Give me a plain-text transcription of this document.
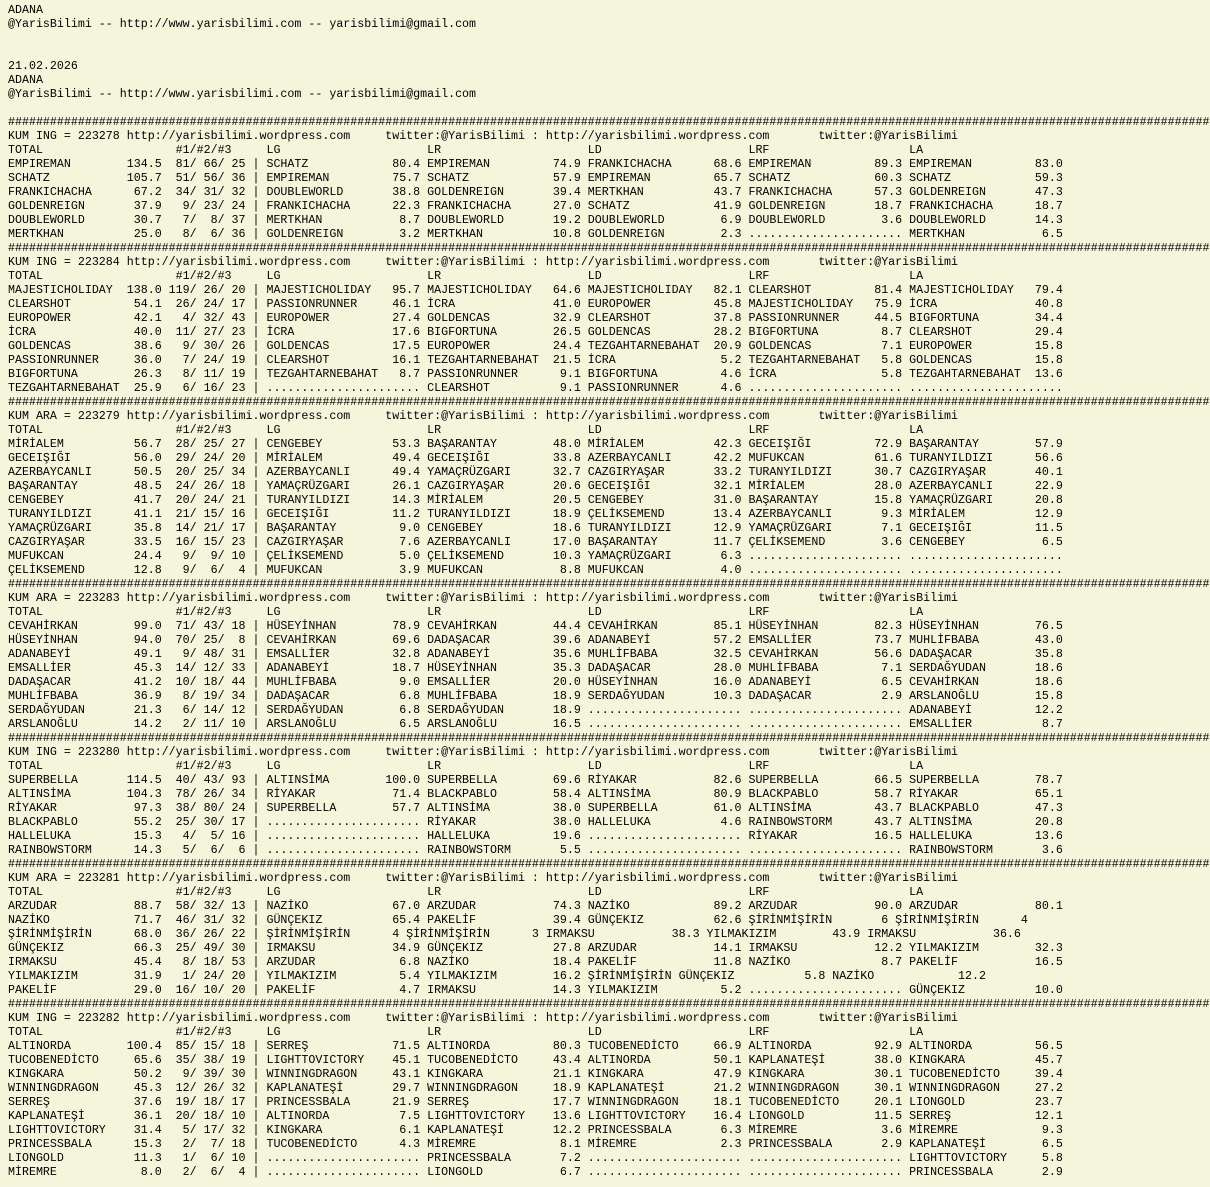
ADANA
@YarisBilimi -- http://www.yarisbilimi.com -- yarisbilimi@gmail.com
21.02.2026
ADANA
@YarisBilimi -- http://www.yarisbilimi.com -- yarisbilimi@gmail.com
############################################################################################################################################################################
KUM ING = 223278 http://yarisbilimi.wordpress.com     twitter:@YarisBilimi : http://yarisbilimi.wordpress.com       twitter:@YarisBilimi
TOTAL                   #1/#2/#3     LG                     LR                     LD                     LRF                    LA
EMPIREMAN        134.5  81/ 66/ 25 | SCHATZ            80.4 EMPIREMAN         74.9 FRANKICHACHA      68.6 EMPIREMAN         89.3 EMPIREMAN         83.0
SCHATZ           105.7  51/ 56/ 36 | EMPIREMAN         75.7 SCHATZ            57.9 EMPIREMAN         65.7 SCHATZ            60.3 SCHATZ            59.3
FRANKICHACHA      67.2  34/ 31/ 32 | DOUBLEWORLD       38.8 GOLDENREIGN       39.4 MERTKHAN          43.7 FRANKICHACHA      57.3 GOLDENREIGN       47.3
GOLDENREIGN       37.9   9/ 23/ 24 | FRANKICHACHA      22.3 FRANKICHACHA      27.0 SCHATZ            41.9 GOLDENREIGN       18.7 FRANKICHACHA      18.7
DOUBLEWORLD       30.7   7/  8/ 37 | MERTKHAN           8.7 DOUBLEWORLD       19.2 DOUBLEWORLD        6.9 DOUBLEWORLD        3.6 DOUBLEWORLD       14.3
MERTKHAN          25.0   8/  6/ 36 | GOLDENREIGN        3.2 MERTKHAN          10.8 GOLDENREIGN        2.3 ...................... MERTKHAN           6.5
############################################################################################################################################################################
KUM ING = 223284 http://yarisbilimi.wordpress.com     twitter:@YarisBilimi : http://yarisbilimi.wordpress.com       twitter:@YarisBilimi
TOTAL                   #1/#2/#3     LG                     LR                     LD                     LRF                    LA
MAJESTICHOLIDAY  138.0 119/ 26/ 20 | MAJESTICHOLIDAY   95.7 MAJESTICHOLIDAY   64.6 MAJESTICHOLIDAY   82.1 CLEARSHOT         81.4 MAJESTICHOLIDAY   79.4
CLEARSHOT         54.1  26/ 24/ 17 | PASSIONRUNNER     46.1 İCRA              41.0 EUROPOWER         45.8 MAJESTICHOLIDAY   75.9 İCRA              40.8
EUROPOWER         42.1   4/ 32/ 43 | EUROPOWER         27.4 GOLDENCAS         32.9 CLEARSHOT         37.8 PASSIONRUNNER     44.5 BIGFORTUNA        34.4
İCRA              40.0  11/ 27/ 23 | İCRA              17.6 BIGFORTUNA        26.5 GOLDENCAS         28.2 BIGFORTUNA         8.7 CLEARSHOT         29.4
GOLDENCAS         38.6   9/ 30/ 26 | GOLDENCAS         17.5 EUROPOWER         24.4 TEZGAHTARNEBAHAT  20.9 GOLDENCAS          7.1 EUROPOWER         15.8
PASSIONRUNNER     36.0   7/ 24/ 19 | CLEARSHOT         16.1 TEZGAHTARNEBAHAT  21.5 İCRA               5.2 TEZGAHTARNEBAHAT   5.8 GOLDENCAS         15.8
BIGFORTUNA        26.3   8/ 11/ 19 | TEZGAHTARNEBAHAT   8.7 PASSIONRUNNER      9.1 BIGFORTUNA         4.6 İCRA               5.8 TEZGAHTARNEBAHAT  13.6
TEZGAHTARNEBAHAT  25.9   6/ 16/ 23 | ...................... CLEARSHOT          9.1 PASSIONRUNNER      4.6 ...................... ......................
############################################################################################################################################################################
KUM ARA = 223279 http://yarisbilimi.wordpress.com     twitter:@YarisBilimi : http://yarisbilimi.wordpress.com       twitter:@YarisBilimi
TOTAL                   #1/#2/#3     LG                     LR                     LD                     LRF                    LA
MİRİALEM          56.7  28/ 25/ 27 | CENGEBEY          53.3 BAŞARANTAY        48.0 MİRİALEM          42.3 GECEIŞIĞI         72.9 BAŞARANTAY        57.9
GECEIŞIĞI         56.0  29/ 24/ 20 | MİRİALEM          49.4 GECEIŞIĞI         33.8 AZERBAYCANLI      42.2 MUFUKCAN          61.6 TURANYILDIZI      56.6
AZERBAYCANLI      50.5  20/ 25/ 34 | AZERBAYCANLI      49.4 YAMAÇRÜZGARI      32.7 CAZGIRYAŞAR       33.2 TURANYILDIZI      30.7 CAZGIRYAŞAR       40.1
BAŞARANTAY        48.5  24/ 26/ 18 | YAMAÇRÜZGARI      26.1 CAZGIRYAŞAR       20.6 GECEIŞIĞI         32.1 MİRİALEM          28.0 AZERBAYCANLI      22.9
CENGEBEY          41.7  20/ 24/ 21 | TURANYILDIZI      14.3 MİRİALEM          20.5 CENGEBEY          31.0 BAŞARANTAY        15.8 YAMAÇRÜZGARI      20.8
TURANYILDIZI      41.1  21/ 15/ 16 | GECEIŞIĞI         11.2 TURANYILDIZI      18.9 ÇELİKSEMEND       13.4 AZERBAYCANLI       9.3 MİRİALEM          12.9
YAMAÇRÜZGARI      35.8  14/ 21/ 17 | BAŞARANTAY         9.0 CENGEBEY          18.6 TURANYILDIZI      12.9 YAMAÇRÜZGARI       7.1 GECEIŞIĞI         11.5
CAZGIRYAŞAR       33.5  16/ 15/ 23 | CAZGIRYAŞAR        7.6 AZERBAYCANLI      17.0 BAŞARANTAY        11.7 ÇELİKSEMEND        3.6 CENGEBEY           6.5
MUFUKCAN          24.4   9/  9/ 10 | ÇELİKSEMEND        5.0 ÇELİKSEMEND       10.3 YAMAÇRÜZGARI       6.3 ...................... ......................
ÇELİKSEMEND       12.8   9/  6/  4 | MUFUKCAN           3.9 MUFUKCAN           8.8 MUFUKCAN           4.0 ...................... ......................
############################################################################################################################################################################
KUM ARA = 223283 http://yarisbilimi.wordpress.com     twitter:@YarisBilimi : http://yarisbilimi.wordpress.com       twitter:@YarisBilimi
TOTAL                   #1/#2/#3     LG                     LR                     LD                     LRF                    LA
CEVAHİRKAN        99.0  71/ 43/ 18 | HÜSEYİNHAN        78.9 CEVAHİRKAN        44.4 CEVAHİRKAN        85.1 HÜSEYİNHAN        82.3 HÜSEYİNHAN        76.5
HÜSEYİNHAN        94.0  70/ 25/  8 | CEVAHİRKAN        69.6 DADAŞACAR         39.6 ADANABEYİ         57.2 EMSALLİER         73.7 MUHLİFBABA        43.0
ADANABEYİ         49.1   9/ 48/ 31 | EMSALLİER         32.8 ADANABEYİ         35.6 MUHLİFBABA        32.5 CEVAHİRKAN        56.6 DADAŞACAR         35.8
EMSALLİER         45.3  14/ 12/ 33 | ADANABEYİ         18.7 HÜSEYİNHAN        35.3 DADAŞACAR         28.0 MUHLİFBABA         7.1 SERDAĞYUDAN       18.6
DADAŞACAR         41.2  10/ 18/ 44 | MUHLİFBABA         9.0 EMSALLİER         20.0 HÜSEYİNHAN        16.0 ADANABEYİ          6.5 CEVAHİRKAN        18.6
MUHLİFBABA        36.9   8/ 19/ 34 | DADAŞACAR          6.8 MUHLİFBABA        18.9 SERDAĞYUDAN       10.3 DADAŞACAR          2.9 ARSLANOĞLU        15.8
SERDAĞYUDAN       21.3   6/ 14/ 12 | SERDAĞYUDAN        6.8 SERDAĞYUDAN       18.9 ...................... ...................... ADANABEYİ         12.2
ARSLANOĞLU        14.2   2/ 11/ 10 | ARSLANOĞLU         6.5 ARSLANOĞLU        16.5 ...................... ...................... EMSALLİER          8.7
############################################################################################################################################################################
KUM ING = 223280 http://yarisbilimi.wordpress.com     twitter:@YarisBilimi : http://yarisbilimi.wordpress.com       twitter:@YarisBilimi
TOTAL                   #1/#2/#3     LG                     LR                     LD                     LRF                    LA
SUPERBELLA       114.5  40/ 43/ 93 | ALTINSİMA        100.0 SUPERBELLA        69.6 RİYAKAR           82.6 SUPERBELLA        66.5 SUPERBELLA        78.7
ALTINSİMA        104.3  78/ 26/ 34 | RİYAKAR           71.4 BLACKPABLO        58.4 ALTINSİMA         80.9 BLACKPABLO        58.7 RİYAKAR           65.1
RİYAKAR           97.3  38/ 80/ 24 | SUPERBELLA        57.7 ALTINSİMA         38.0 SUPERBELLA        61.0 ALTINSİMA         43.7 BLACKPABLO        47.3
BLACKPABLO        55.2  25/ 30/ 17 | ...................... RİYAKAR           38.0 HALLELUKA          4.6 RAINBOWSTORM      43.7 ALTINSİMA         20.8
HALLELUKA         15.3   4/  5/ 16 | ...................... HALLELUKA         19.6 ...................... RİYAKAR           16.5 HALLELUKA         13.6
RAINBOWSTORM      14.3   5/  6/  6 | ...................... RAINBOWSTORM       5.5 ...................... ...................... RAINBOWSTORM       3.6
############################################################################################################################################################################
KUM ARA = 223281 http://yarisbilimi.wordpress.com     twitter:@YarisBilimi : http://yarisbilimi.wordpress.com       twitter:@YarisBilimi
TOTAL                   #1/#2/#3     LG                     LR                     LD                     LRF                    LA
ARZUDAR           88.7  58/ 32/ 13 | NAZİKO            67.0 ARZUDAR           74.3 NAZİKO            89.2 ARZUDAR           90.0 ARZUDAR           80.1
NAZİKO            71.7  46/ 31/ 32 | GÜNÇEKIZ          65.4 PAKELİF           39.4 GÜNÇEKIZ          62.6 ŞİRİNMİŞİRİN       6 ŞİRİNMİŞİRİN      4
ŞİRİNMİŞİRİN      68.0  36/ 26/ 22 | ŞİRİNMİŞİRİN      4 ŞİRİNMİŞİRİN      3 IRMAKSU           38.3 YILMAKIZIM        43.9 IRMAKSU           36.6
GÜNÇEKIZ          66.3  25/ 49/ 30 | IRMAKSU           34.9 GÜNÇEKIZ          27.8 ARZUDAR           14.1 IRMAKSU           12.2 YILMAKIZIM        32.3
IRMAKSU           45.4   8/ 18/ 53 | ARZUDAR            6.8 NAZİKO            18.4 PAKELİF           11.8 NAZİKO             8.7 PAKELİF           16.5
YILMAKIZIM        31.9   1/ 24/ 20 | YILMAKIZIM         5.4 YILMAKIZIM        16.2 ŞİRİNMİŞİRİN GÜNÇEKIZ          5.8 NAZİKO            12.2
PAKELİF           29.0  16/ 10/ 20 | PAKELİF            4.7 IRMAKSU           14.3 YILMAKIZIM         5.2 ...................... GÜNÇEKIZ          10.0
############################################################################################################################################################################
KUM ING = 223282 http://yarisbilimi.wordpress.com     twitter:@YarisBilimi : http://yarisbilimi.wordpress.com       twitter:@YarisBilimi
TOTAL                   #1/#2/#3     LG                     LR                     LD                     LRF                    LA
ALTINORDA        100.4  85/ 15/ 18 | SERREŞ            71.5 ALTINORDA         80.3 TUCOBENEDİCTO     66.9 ALTINORDA         92.9 ALTINORDA         56.5
TUCOBENEDİCTO     65.6  35/ 38/ 19 | LIGHTTOVICTORY    45.1 TUCOBENEDİCTO     43.4 ALTINORDA         50.1 KAPLANATEŞİ       38.0 KINGKARA          45.7
KINGKARA          50.2   9/ 39/ 30 | WINNINGDRAGON     43.1 KINGKARA          21.1 KINGKARA          47.9 KINGKARA          30.1 TUCOBENEDİCTO     39.4
WINNINGDRAGON     45.3  12/ 26/ 32 | KAPLANATEŞİ       29.7 WINNINGDRAGON     18.9 KAPLANATEŞİ       21.2 WINNINGDRAGON     30.1 WINNINGDRAGON     27.2
SERREŞ            37.6  19/ 18/ 17 | PRINCESSBALA      21.9 SERREŞ            17.7 WINNINGDRAGON     18.1 TUCOBENEDİCTO     20.1 LIONGOLD          23.7
KAPLANATEŞİ       36.1  20/ 18/ 10 | ALTINORDA          7.5 LIGHTTOVICTORY    13.6 LIGHTTOVICTORY    16.4 LIONGOLD          11.5 SERREŞ            12.1
LIGHTTOVICTORY    31.4   5/ 17/ 32 | KINGKARA           6.1 KAPLANATEŞİ       12.2 PRINCESSBALA       6.3 MİREMRE            3.6 MİREMRE            9.3
PRINCESSBALA      15.3   2/  7/ 18 | TUCOBENEDİCTO      4.3 MİREMRE            8.1 MİREMRE            2.3 PRINCESSBALA       2.9 KAPLANATEŞİ        6.5
LIONGOLD          11.3   1/  6/ 10 | ...................... PRINCESSBALA       7.2 ...................... ...................... LIGHTTOVICTORY     5.8
MİREMRE            8.0   2/  6/  4 | ...................... LIONGOLD           6.7 ...................... ...................... PRINCESSBALA       2.9
